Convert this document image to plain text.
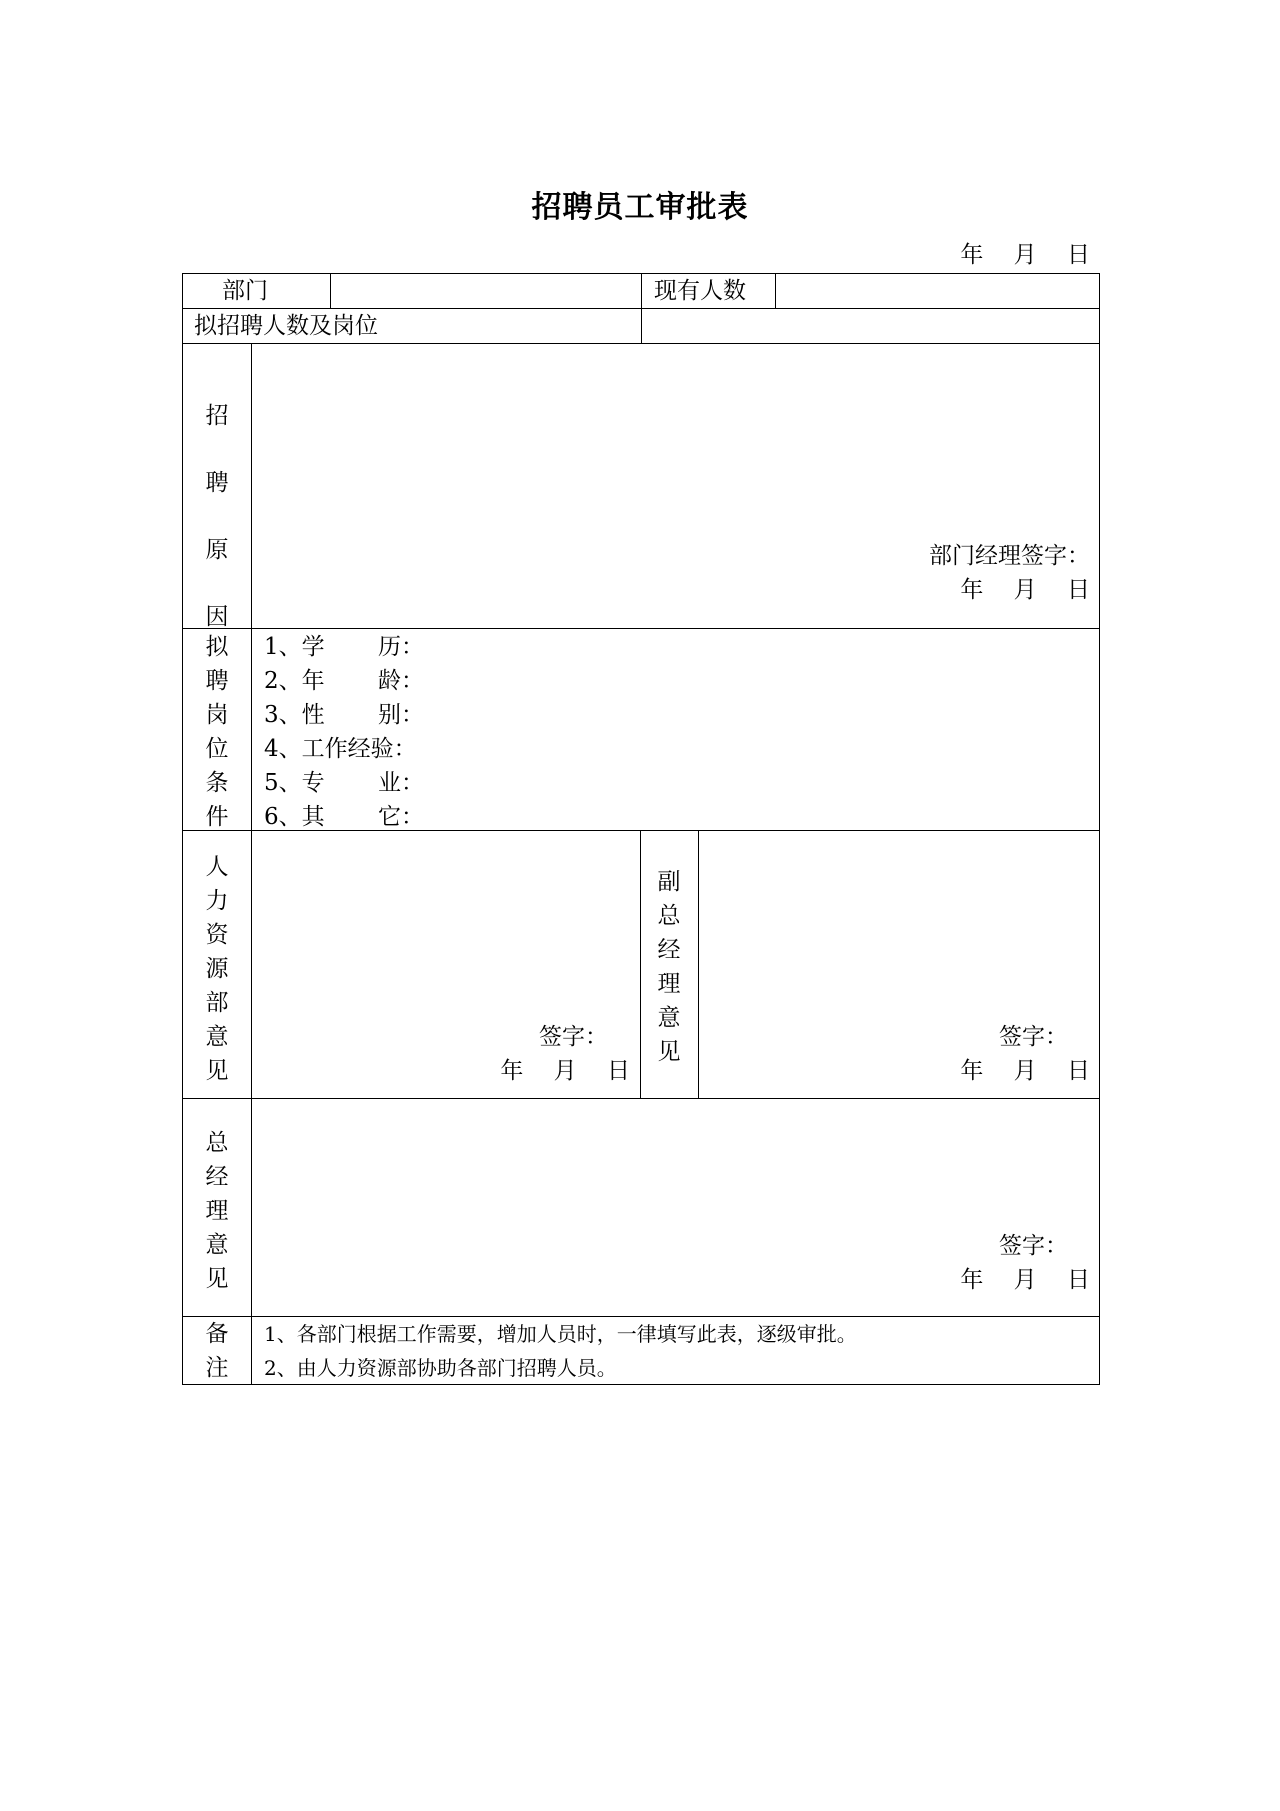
招聘员工审批表
年　 月　 日
部门	现有人数
拟招聘人数及岗位
招
聘
原
因
部门经理签字：
年　 月　 日
拟
聘
岗
位
条
件
1、学　　 历：
2、年　　 龄：
3、性　　 别：
4、工作经验：
5、专　　 业：
6、其　　 它：
人
力
资
源
部
意
见
签字：
年　 月　 日
副
总
经
理
意
见
签字：
年　 月　 日
总
经
理
意
见
签字：
年　 月　 日
备
注
1、各部门根据工作需要，增加人员时，一律填写此表，逐级审批。
2、由人力资源部协助各部门招聘人员。
